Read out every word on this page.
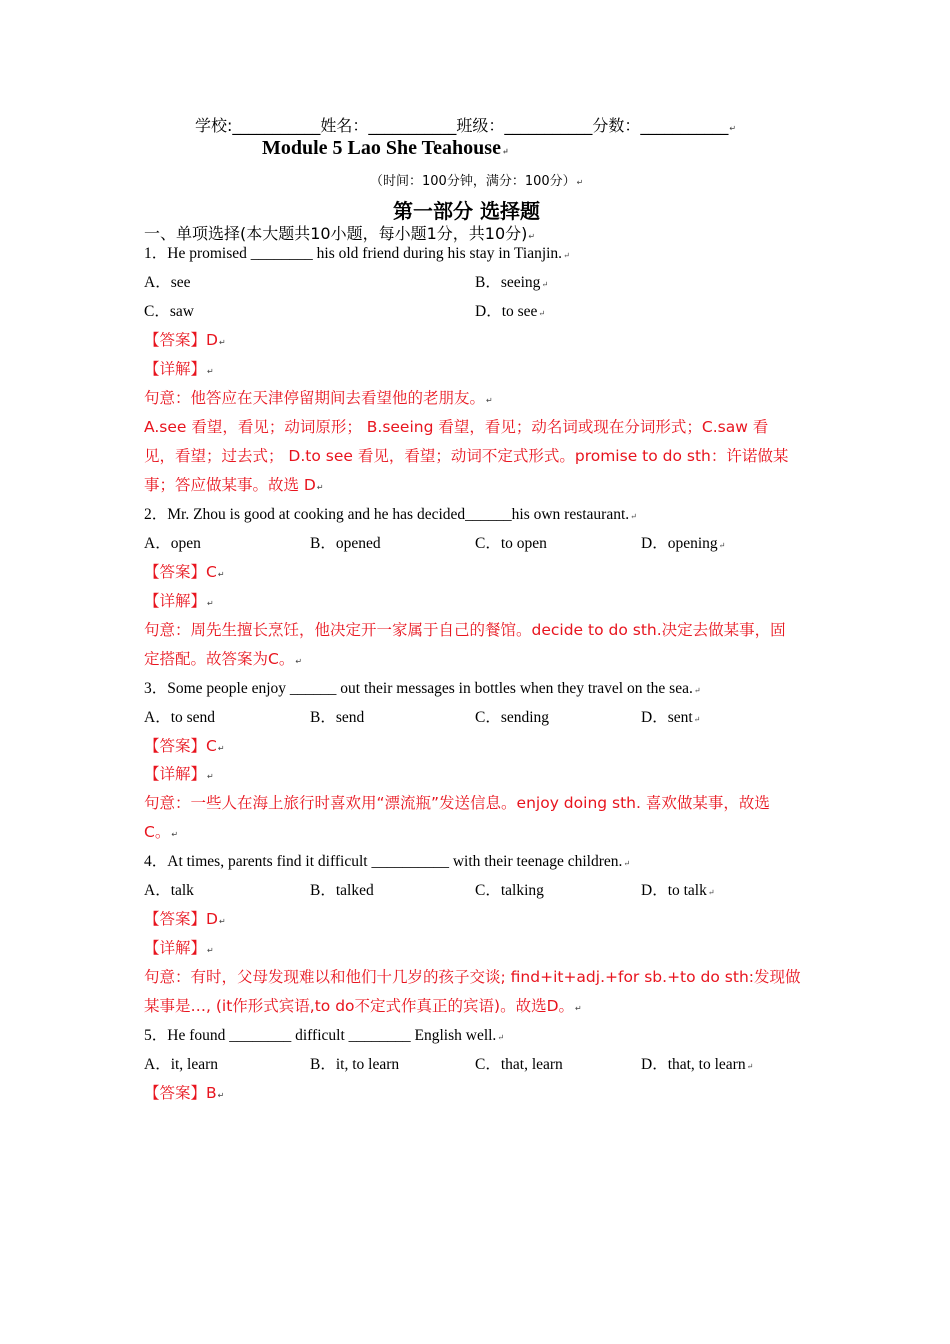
学校:___________姓名：___________班级：___________分数：___________↵
Module 5 Lao She Teahouse↵
（时间：100分钟，满分：100分）↵
第一部分 选择题
一、单项选择(本大题共10小题，每小题1分，共10分)↵
1．He promised ________ his old friend during his stay in Tianjin.↵
A．see	B．seeing↵
C．saw	D．to see↵
【答案】D↵
【详解】↵
句意：他答应在天津停留期间去看望他的老朋友。↵
A.see 看望，看见；动词原形； B.seeing 看望，看见；动名词或现在分词形式；C.saw 看
见，看望；过去式； D.to see 看见，看望；动词不定式形式。promise to do sth：许诺做某
事；答应做某事。故选 D↵
2．Mr. Zhou is good at cooking and he has decided______his own restaurant.↵
A．open	B．opened	C．to open	D．opening↵
【答案】C↵
【详解】↵
句意：周先生擅长烹饪，他决定开一家属于自己的餐馆。decide to do sth.决定去做某事，固
定搭配。故答案为C。↵
3．Some people enjoy ______ out their messages in bottles when they travel on the sea.↵
A．to send	B．send	C．sending	D．sent↵
【答案】C↵
【详解】↵
句意：一些人在海上旅行时喜欢用“漂流瓶”发送信息。enjoy doing sth. 喜欢做某事，故选
C。↵
4．At times, parents find it difficult __________ with their teenage children.↵
A．talk	B．talked	C．talking	D．to talk↵
【答案】D↵
【详解】↵
句意：有时，父母发现难以和他们十几岁的孩子交谈; find+it+adj.+for sb.+to do sth:发现做
某事是…, (it作形式宾语,to do不定式作真正的宾语)。故选D。↵
5．He found ________ difficult ________ English well.↵
A．it, learn	B．it, to learn	C．that, learn	D．that, to learn↵
【答案】B↵
